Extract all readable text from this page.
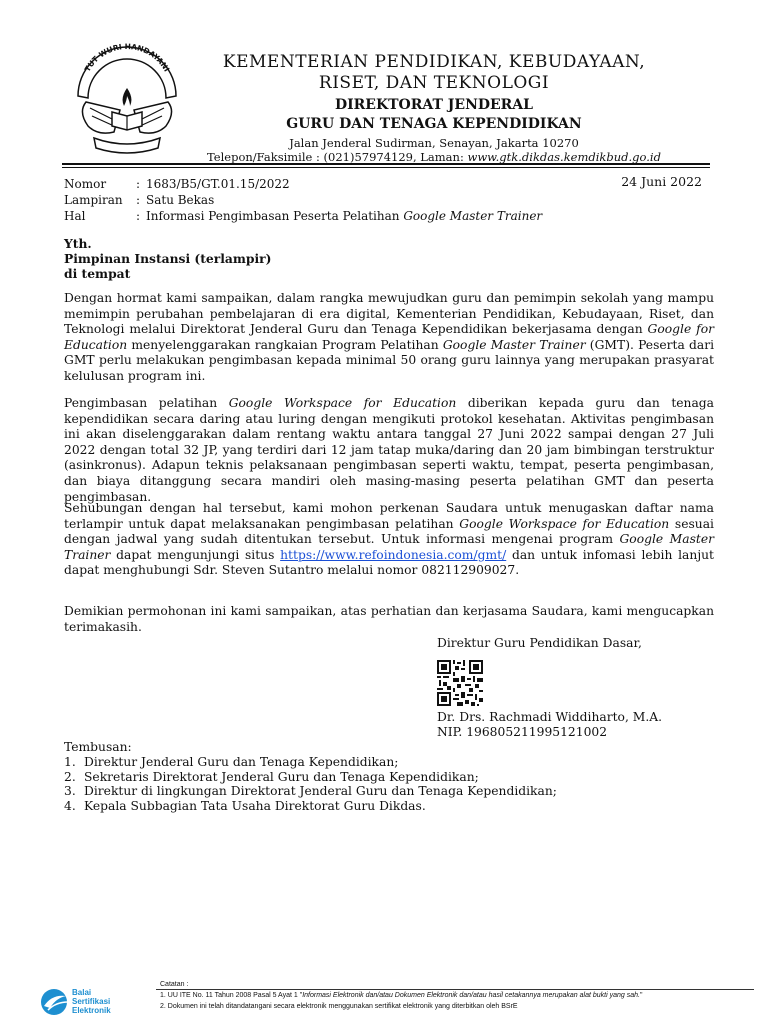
TUT WURI HANDAYANI	KEMENTERIAN PENDIDIKAN, KEBUDAYAAN,
RISET, DAN TEKNOLOGI
DIREKTORAT JENDERAL
GURU DAN TENAGA KEPENDIDIKAN
Jalan Jenderal Sudirman, Senayan, Jakarta 10270
Telepon/Faksimile : (021)57974129, Laman: www.gtk.dikdas.kemdikbud.go.id
24 Juni 2022
Nomor	: 1683/B5/GT.01.15/2022
Lampiran	: Satu Bekas
Hal	: Informasi Pengimbasan Peserta Pelatihan Google Master Trainer
Yth.
Pimpinan Instansi (terlampir)
di tempat
Dengan hormat kami sampaikan, dalam rangka mewujudkan guru dan pemimpin sekolah yang mampu memimpin perubahan pembelajaran di era digital, Kementerian Pendidikan, Kebudayaan, Riset, dan Teknologi melalui Direktorat Jenderal Guru dan Tenaga Kependidikan bekerjasama dengan Google for Education menyelenggarakan rangkaian Program Pelatihan Google Master Trainer (GMT). Peserta dari GMT perlu melakukan pengimbasan kepada minimal 50 orang guru lainnya yang merupakan prasyarat kelulusan program ini.
Pengimbasan pelatihan Google Workspace for Education diberikan kepada guru dan tenaga kependidikan secara daring atau luring dengan mengikuti protokol kesehatan. Aktivitas pengimbasan ini akan diselenggarakan dalam rentang waktu antara tanggal 27 Juni 2022 sampai dengan 27 Juli 2022 dengan total 32 JP, yang terdiri dari 12 jam tatap muka/daring dan 20 jam bimbingan terstruktur (asinkronus). Adapun teknis pelaksanaan pengimbasan seperti waktu, tempat, peserta pengimbasan, dan biaya ditanggung secara mandiri oleh masing-masing peserta pelatihan GMT dan peserta pengimbasan.
Sehubungan dengan hal tersebut, kami mohon perkenan Saudara untuk menugaskan daftar nama terlampir untuk dapat melaksanakan pengimbasan pelatihan Google Workspace for Education sesuai dengan jadwal yang sudah ditentukan tersebut. Untuk informasi mengenai program Google Master Trainer dapat mengunjungi situs https://www.refoindonesia.com/gmt/ dan untuk infomasi lebih lanjut dapat menghubungi Sdr. Steven Sutantro melalui nomor 082112909027.
Demikian permohonan ini kami sampaikan, atas perhatian dan kerjasama Saudara, kami mengucapkan terimakasih.
Direktur Guru Pendidikan Dasar,
Dr. Drs. Rachmadi Widdiharto, M.A.
NIP. 196805211995121002
Tembusan:
1. Direktur Jenderal Guru dan Tenaga Kependidikan;
2. Sekretaris Direktorat Jenderal Guru dan Tenaga Kependidikan;
3. Direktur di lingkungan Direktorat Jenderal Guru dan Tenaga Kependidikan;
4. Kepala Subbagian Tata Usaha Direktorat Guru Dikdas.
Balai
Sertifikasi
Elektronik
Catatan :
1. UU ITE No. 11 Tahun 2008 Pasal 5 Ayat 1 "Informasi Elektronik dan/atau Dokumen Elektronik dan/atau hasil cetakannya merupakan alat bukti yang sah."
2. Dokumen ini telah ditandatangani secara elektronik menggunakan sertifikat elektronik yang diterbitkan oleh BSrE
